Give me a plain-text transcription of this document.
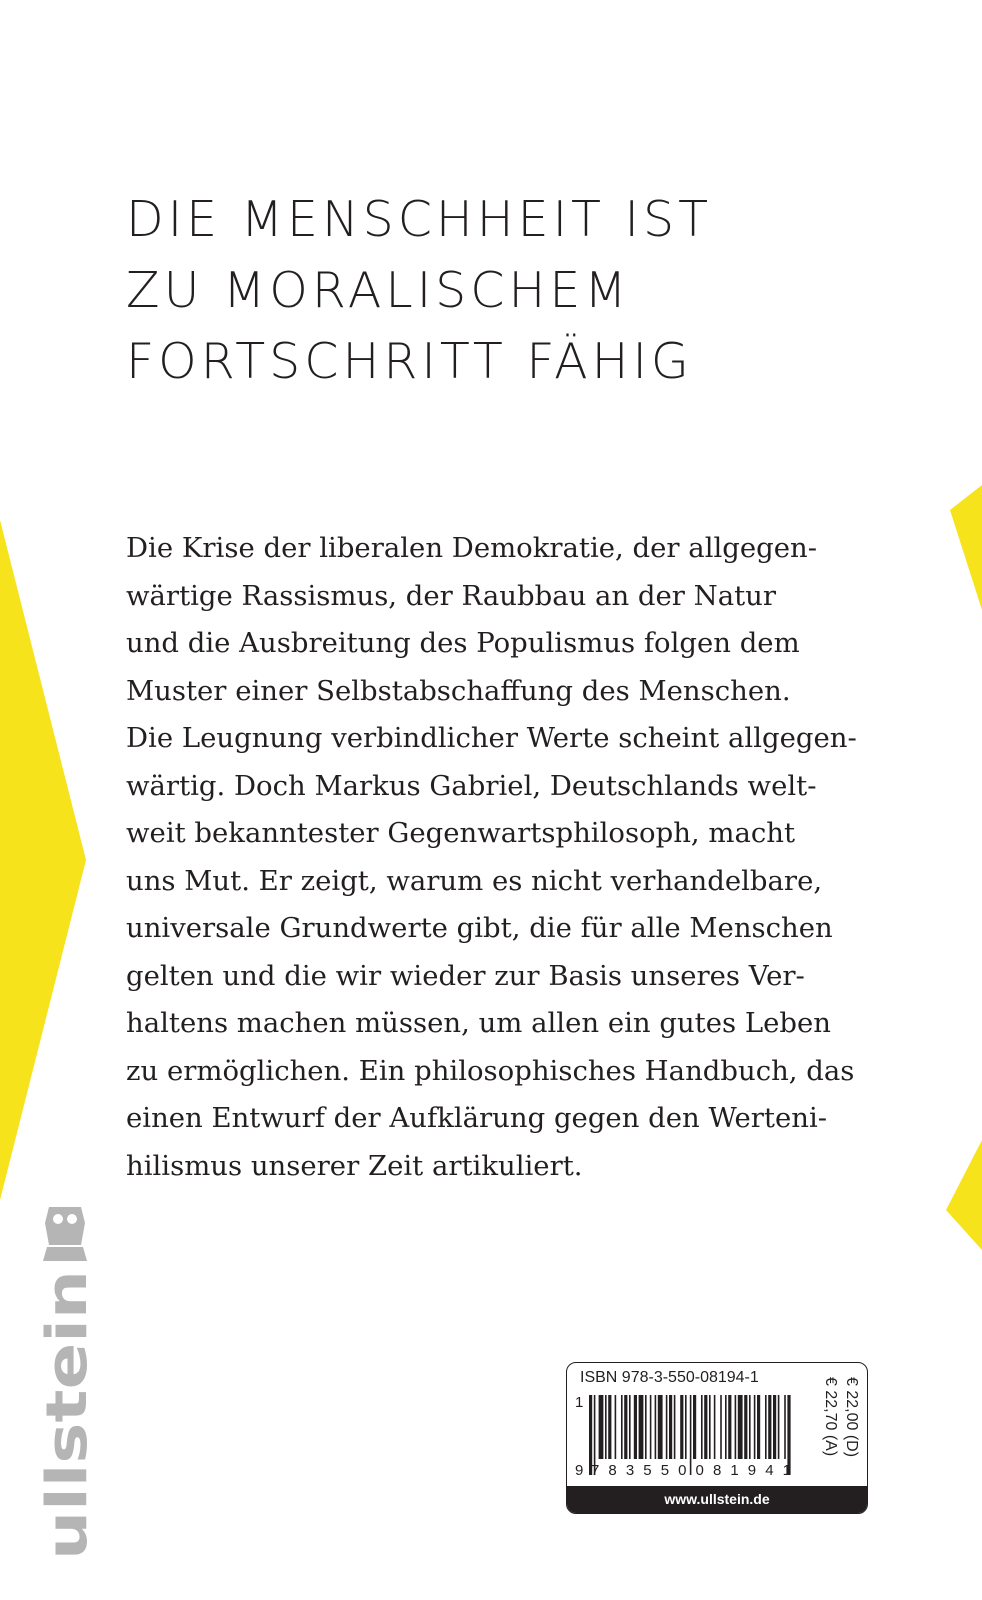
DIE MENSCHHEIT IST
ZU MORALISCHEM
FORTSCHRITT FÄHIG
Die Krise der liberalen Demokratie, der allgegen-
wärtige Rassismus, der Raubbau an der Natur
und die Ausbreitung des Populismus folgen dem
Muster einer Selbstabschaffung des Menschen.
Die Leugnung verbindlicher Werte scheint allgegen-
wärtig. Doch Markus Gabriel, Deutschlands welt-
weit bekanntester Gegenwartsphilosoph, macht
uns Mut. Er zeigt, warum es nicht verhandelbare,
universale Grundwerte gibt, die für alle Menschen
gelten und die wir wieder zur Basis unseres Ver-
haltens machen müssen, um allen ein gutes Leben
zu ermöglichen. Ein philosophisches Handbuch, das
einen Entwurf der Aufklärung gegen den Werteni-
hilismus unserer Zeit artikuliert.
ullstein	ISBN 978-3-550-08194-1
1
9 783550081941
€ 22,00 (D)
€ 22,70 (A)
www.ullstein.de
